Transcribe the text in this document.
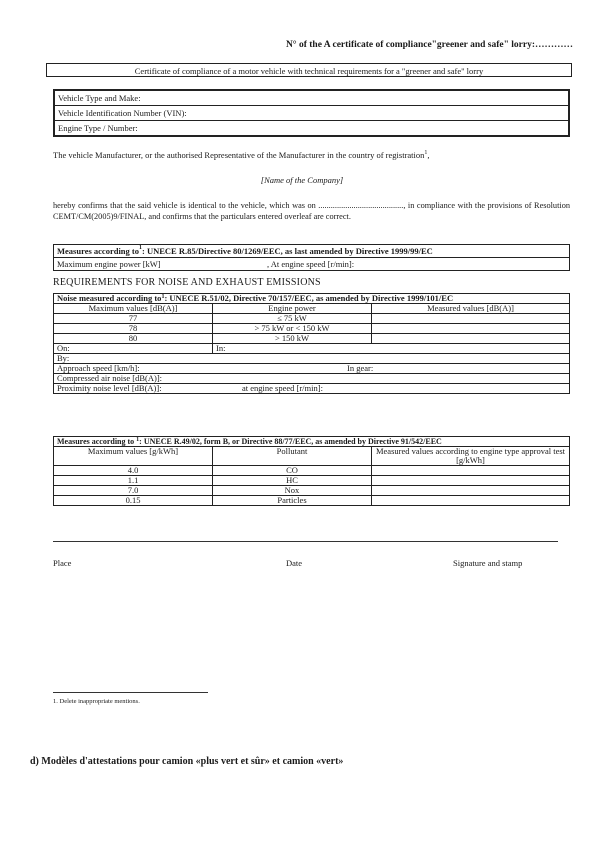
N° of the A certificate of compliance"greener and safe" lorry:…………
Certificate of compliance of a motor vehicle with technical requirements for a "greener and safe" lorry
Vehicle Type and Make:
Vehicle Identification Number (VIN):
Engine Type / Number:
The vehicle Manufacturer, or the authorised Representative of the Manufacturer in the country of registration$^1$,
[Name of the Company]
hereby confirms that the said vehicle is identical to the vehicle, which was on ........................................., in compliance with the provisions of Resolution CEMT/CM(2005)9/FINAL, and confirms that the particulars entered overleaf are correct.
Measures according $to^1$: UNECE R.85/Directive 80/1269/EEC, as last amended by Directive 1999/99/EC
Maximum engine power [kW]	, At engine speed [r/min]:
REQUIREMENTS FOR NOISE AND EXHAUST EMISSIONS
Noise measured according $to^1$: UNECE R.51/02, Directive 70/157/EEC, as amended by Directive 1999/101/EC		
Maximum values [dB(A)]	Engine power	Measured values [dB(A)]
77	≤ 75 kW	
78	> 75 kW or < 150 kW	
80	> 150 kW	
On:	In:	
By:		
Approach speed [km/h]: In gear:		
Compressed air noise [dB(A)]:		
Proximity noise level [dB(A)]: at engine speed [r/min]:		
Measures according to $^1$: UNECE R.49/02, form B, or Directive 88/77/EEC, as amended by Directive 91/542/EEC		
Maximum values [g/kWh]	Pollutant	Measured values according to engine type approval test [g/kWh]
4.0	CO	
1.1	HC	
7.0	Nox	
0.15	Particles	
Place	Date	Signature and stamp
1. Delete inappropriate mentions.
d) Modèles d'attestations pour camion «plus vert et sûr» et camion «vert»
